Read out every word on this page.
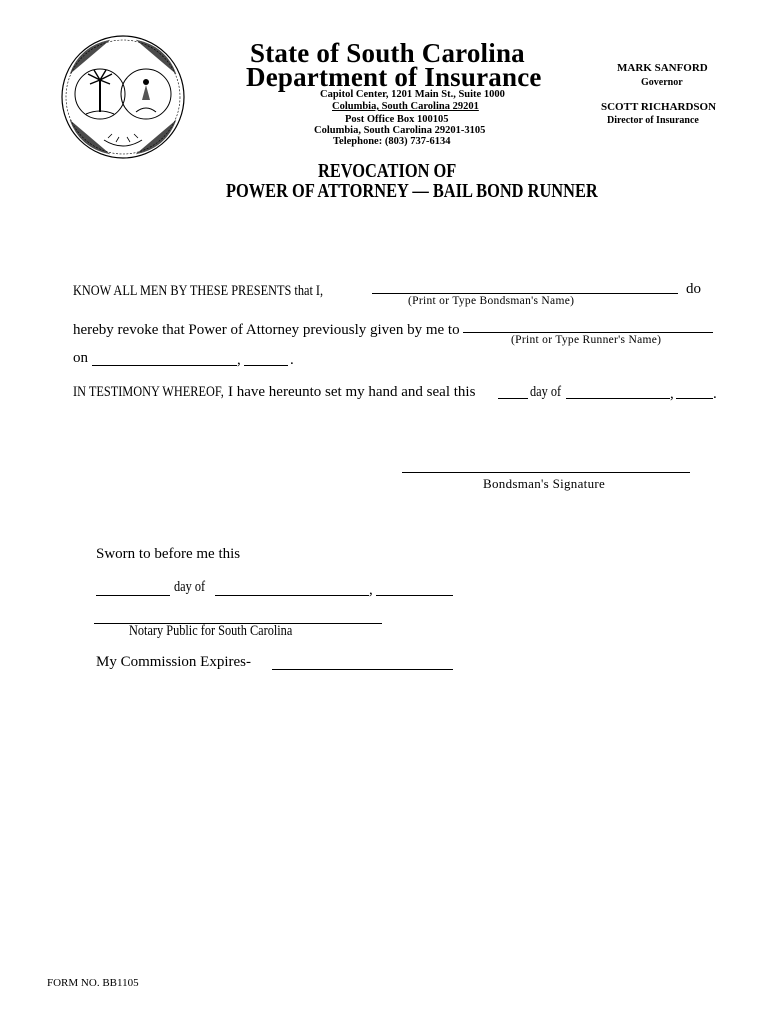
State of South Carolina
Department of Insurance
Capitol Center, 1201 Main St., Suite 1000
Columbia, South Carolina 29201
Post Office Box 100105
Columbia, South Carolina 29201-3105
Telephone: (803) 737-6134
MARK SANFORD
Governor
SCOTT RICHARDSON
Director of Insurance
REVOCATION OF
POWER OF ATTORNEY — BAIL BOND RUNNER
KNOW ALL MEN BY THESE PRESENTS that I,	do
(Print or Type Bondsman's Name)
hereby revoke that Power of Attorney previously given by me to
(Print or Type Runner's Name)
on	,	.
IN TESTIMONY WHEREOF, I have hereunto set my hand and seal this	day of	,	.
Bondsman's Signature
Sworn to before me this
day of	,
Notary Public for South Carolina
My Commission Expires-
FORM NO. BB1105
